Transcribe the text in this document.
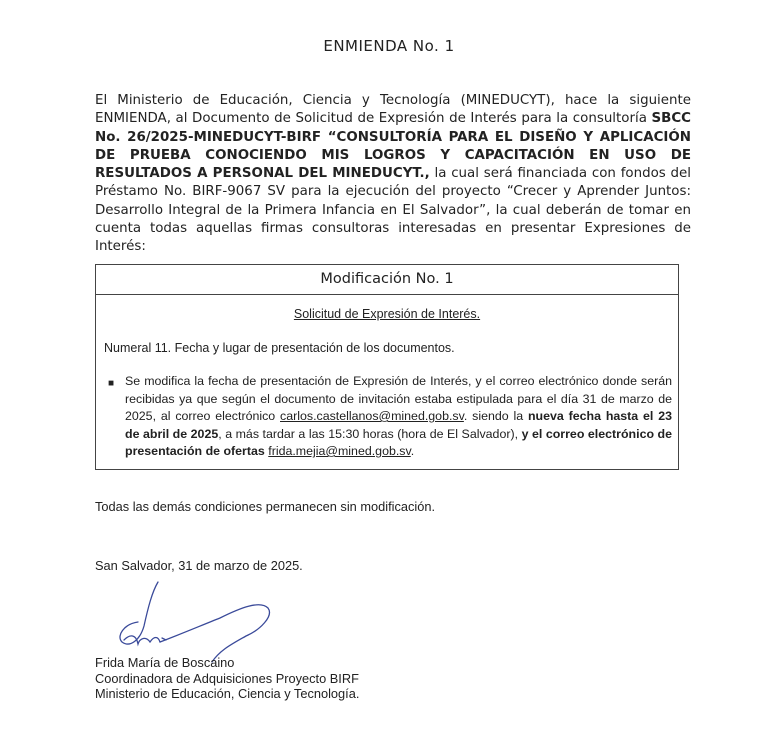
ENMIENDA No. 1
El Ministerio de Educación, Ciencia y Tecnología (MINEDUCYT), hace la siguiente ENMIENDA, al Documento de Solicitud de Expresión de Interés para la consultoría SBCC No. 26/2025-MINEDUCYT-BIRF “CONSULTORÍA PARA EL DISEÑO Y APLICACIÓN DE PRUEBA CONOCIENDO MIS LOGROS Y CAPACITACIÓN EN USO DE RESULTADOS A PERSONAL DEL MINEDUCYT., la cual será financiada con fondos del Préstamo No. BIRF-9067 SV para la ejecución del proyecto “Crecer y Aprender Juntos: Desarrollo Integral de la Primera Infancia en El Salvador”, la cual deberán de tomar en cuenta todas aquellas firmas consultoras interesadas en presentar Expresiones de Interés:
Modificación No. 1
Solicitud de Expresión de Interés.
Numeral 11. Fecha y lugar de presentación de los documentos.
■ Se modifica la fecha de presentación de Expresión de Interés, y el correo electrónico donde serán recibidas ya que según el documento de invitación estaba estipulada para el día 31 de marzo de 2025, al correo electrónico carlos.castellanos@mined.gob.sv. siendo la nueva fecha hasta el 23 de abril de 2025, a más tardar a las 15:30 horas (hora de El Salvador), y el correo electrónico de presentación de ofertas frida.mejia@mined.gob.sv.
Todas las demás condiciones permanecen sin modificación.
San Salvador, 31 de marzo de 2025.
Frida María de Boscaino
Coordinadora de Adquisiciones Proyecto BIRF
Ministerio de Educación, Ciencia y Tecnología.
